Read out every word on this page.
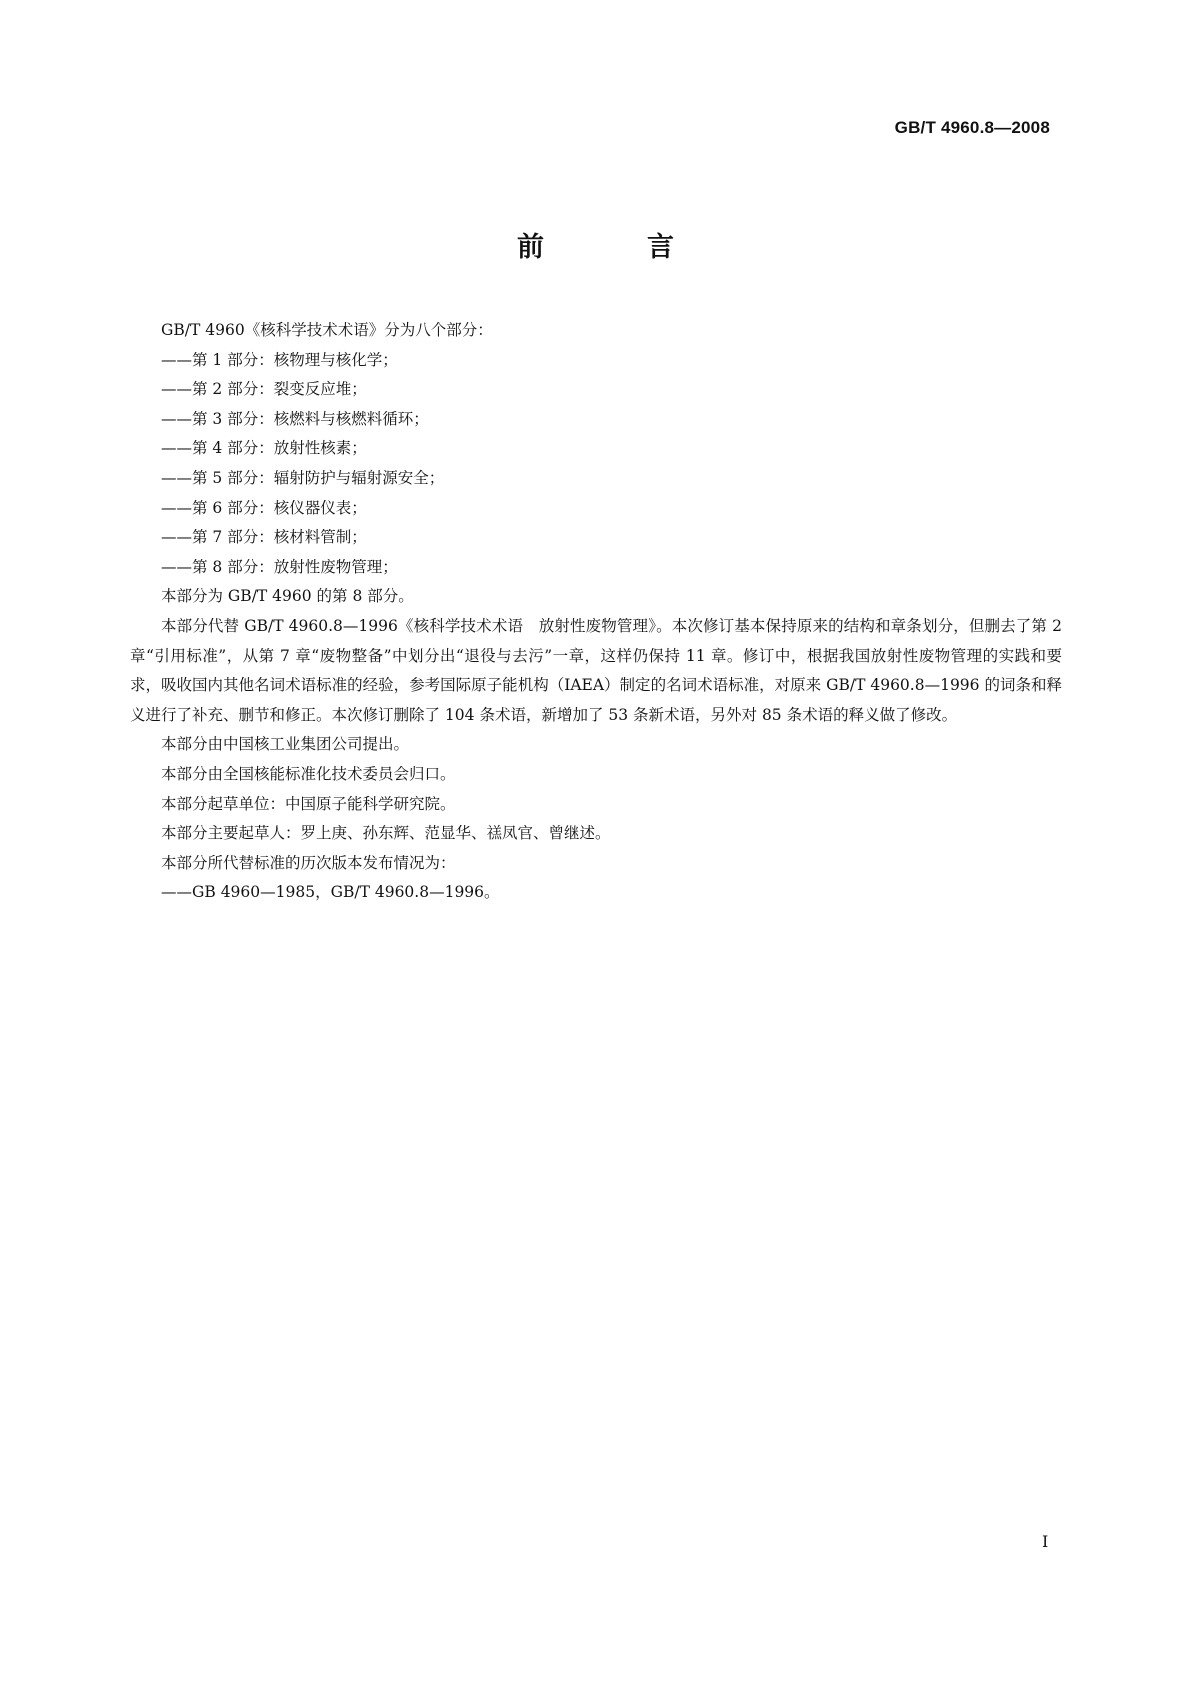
GB/T 4960.8—2008
前　言
GB/T 4960《核科学技术术语》分为八个部分：
——第 1 部分：核物理与核化学；
——第 2 部分：裂变反应堆；
——第 3 部分：核燃料与核燃料循环；
——第 4 部分：放射性核素；
——第 5 部分：辐射防护与辐射源安全；
——第 6 部分：核仪器仪表；
——第 7 部分：核材料管制；
——第 8 部分：放射性废物管理；
本部分为 GB/T 4960 的第 8 部分。
本部分代替 GB/T 4960.8—1996《核科学技术术语　放射性废物管理》。本次修订基本保持原来的结构和章条划分，但删去了第 2 章“引用标准”，从第 7 章“废物整备”中划分出“退役与去污”一章，这样仍保持 11 章。修订中，根据我国放射性废物管理的实践和要求，吸收国内其他名词术语标准的经验，参考国际原子能机构（IAEA）制定的名词术语标准，对原来 GB/T 4960.8—1996 的词条和释义进行了补充、删节和修正。本次修订删除了 104 条术语，新增加了 53 条新术语，另外对 85 条术语的释义做了修改。
本部分由中国核工业集团公司提出。
本部分由全国核能标准化技术委员会归口。
本部分起草单位：中国原子能科学研究院。
本部分主要起草人：罗上庚、孙东辉、范显华、禚凤官、曾继述。
本部分所代替标准的历次版本发布情况为：
——GB 4960—1985，GB/T 4960.8—1996。
I
